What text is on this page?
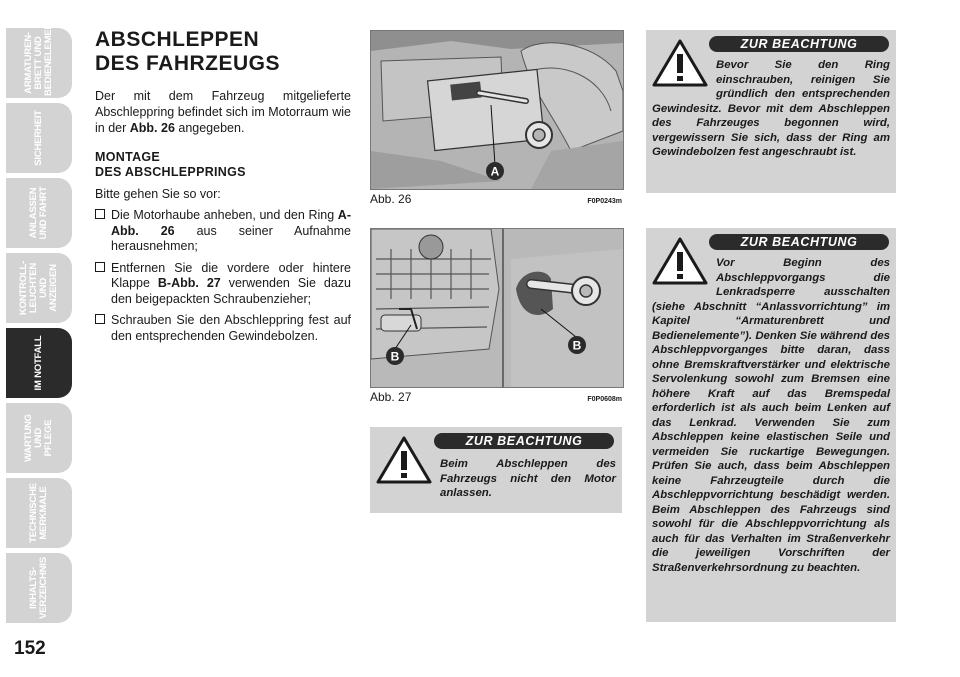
ARMATUREN-
BRETT UND
BEDIENELEMENTE
SICHERHEIT
ANLASSEN
UND FAHRT
KONTROLL-
LEUCHTEN UND
ANZEIGEN
IM NOTFALL
WARTUNG UND
PFLEGE
TECHNISCHE
MERKMALE
INHALTS-
VERZEICHNIS
152
ABSCHLEPPEN
DES FAHRZEUGS
Der mit dem Fahrzeug mitgelieferte Abschleppring befindet sich im Motorraum wie in der Abb. 26 angegeben.
MONTAGE
DES ABSCHLEPPRINGS
Bitte gehen Sie so vor:
Die Motorhaube anheben, und den Ring A-Abb. 26 aus seiner Aufnahme herausnehmen;
Entfernen Sie die vordere oder hintere Klappe B-Abb. 27 verwenden Sie dazu den beigepackten Schraubenzieher;
Schrauben Sie den Abschleppring fest auf den entsprechenden Gewindebolzen.
A
Abb. 26	F0P0243m
B
B
Abb. 27	F0P0608m
ZUR BEACHTUNG
Beim Abschleppen des Fahrzeugs nicht den Motor anlassen.
ZUR BEACHTUNG
Bevor Sie den Ring einschrauben, reinigen Sie gründlich den entsprechenden Gewindesitz. Bevor mit dem Abschleppen des Fahrzeuges begonnen wird, vergewissern Sie sich, dass der Ring am Gewindebolzen fest angeschraubt ist.
ZUR BEACHTUNG
Vor Beginn des Abschleppvorgangs die Lenkradsperre ausschalten (siehe Abschnitt “Anlassvorrichtung” im Kapitel “Armaturenbrett und Bedienelemente”). Denken Sie während des Abschleppvorganges bitte daran, dass ohne Bremskraftverstärker und elektrische Servolenkung sowohl zum Bremsen eine höhere Kraft auf das Bremspedal erforderlich ist als auch beim Lenken auf das Lenkrad. Verwenden Sie zum Abschleppen keine elastischen Seile und vermeiden Sie ruckartige Bewegungen. Prüfen Sie auch, dass beim Abschleppen keine Fahrzeugteile durch die Abschleppvorrichtung beschädigt werden. Beim Abschleppen des Fahrzeugs sind sowohl für die Abschleppvorrichtung als auch für das Verhalten im Straßenverkehr die jeweiligen Vorschriften der Straßenverkehrsordnung zu beachten.
